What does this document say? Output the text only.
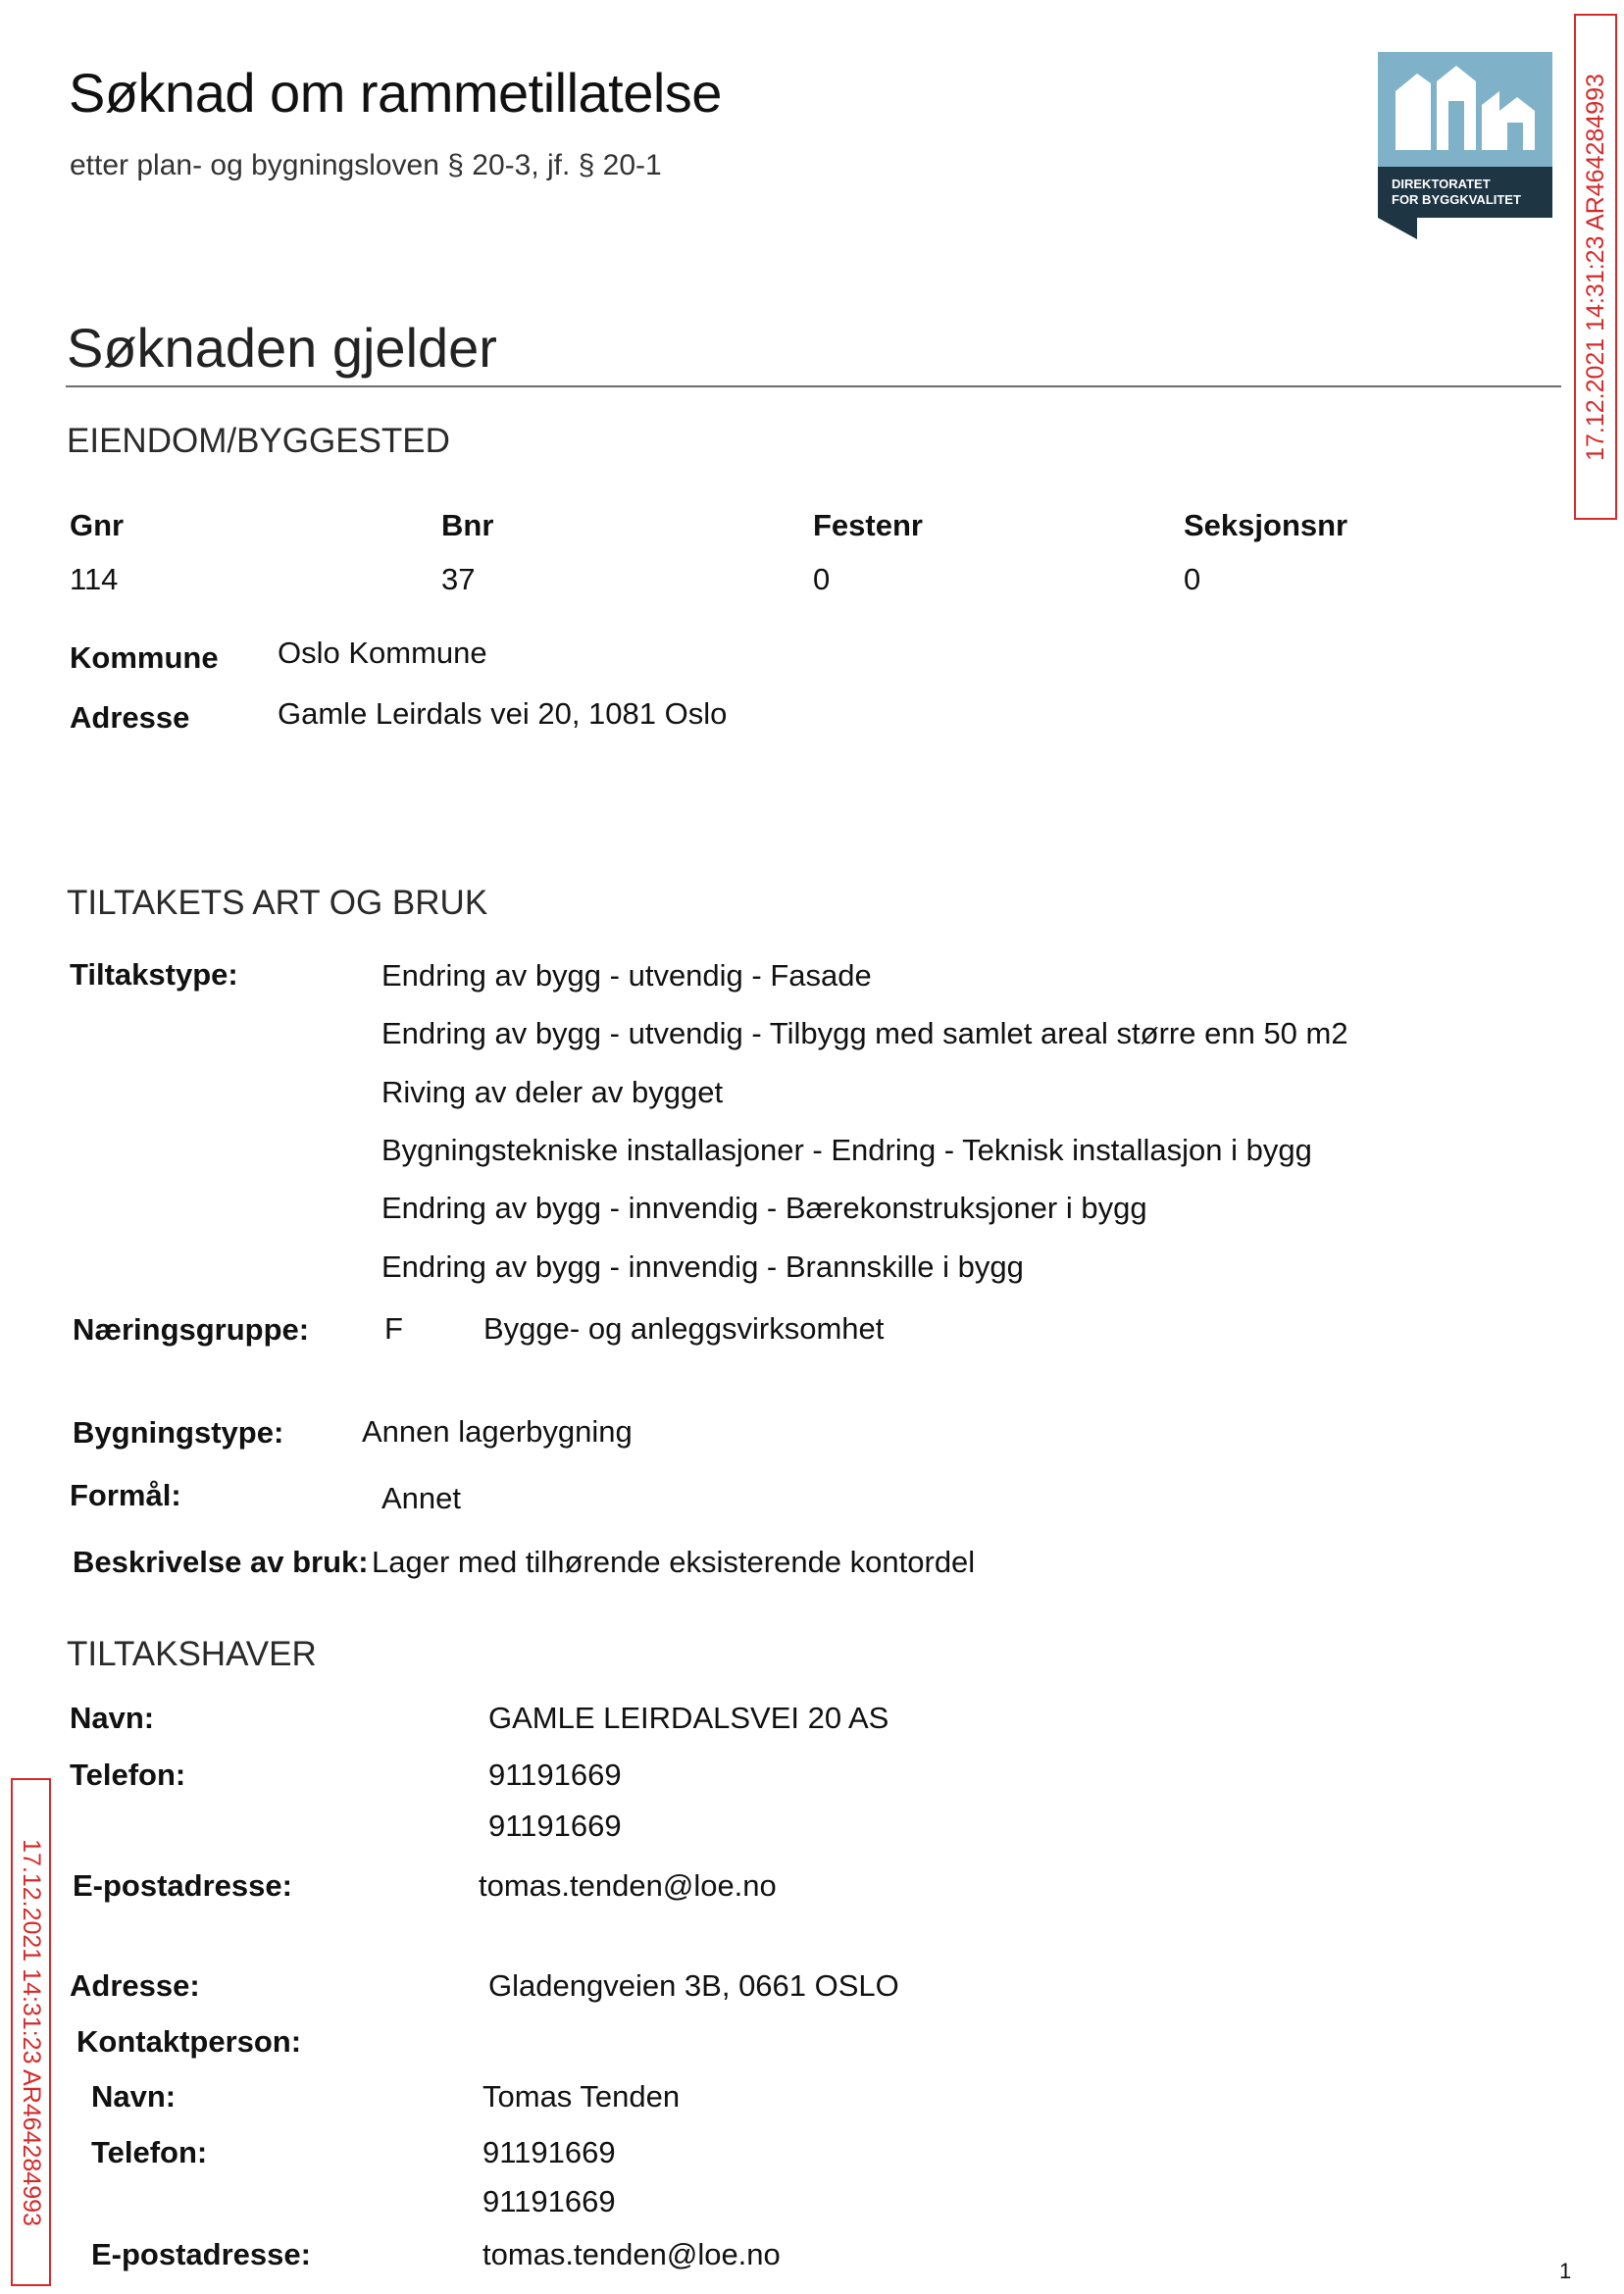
Søknad om rammetillatelse
etter plan- og bygningsloven § 20-3, jf. § 20-1
DIREKTORATET
FOR BYGGKVALITET 17.12.2021 14:31:23 AR464284993
17.12.2021 14:31:23 AR464284993
Søknaden gjelder
EIENDOM/BYGGESTED
Gnr	Bnr	Festenr	Seksjonsnr
114	37	0	0
Kommune Oslo Kommune
Adresse	Gamle Leirdals vei 20, 1081 Oslo
TILTAKETS ART OG BRUK
Tiltakstype:	Endring av bygg - utvendig - Fasade
Endring av bygg - utvendig - Tilbygg med samlet areal større enn 50 m2
Riving av deler av bygget
Bygningstekniske installasjoner - Endring - Teknisk installasjon i bygg
Endring av bygg - innvendig - Bærekonstruksjoner i bygg
Endring av bygg - innvendig - Brannskille i bygg
Næringsgruppe: F	Bygge- og anleggsvirksomhet
Bygningstype:	Annen lagerbygning
Formål:	Annet
Beskrivelse av bruk: Lager med tilhørende eksisterende kontordel
TILTAKSHAVER
Navn:	GAMLE LEIRDALSVEI 20 AS
Telefon:	91191669
91191669
E-postadresse:	tomas.tenden@loe.no
Adresse:	Gladengveien 3B, 0661 OSLO
Kontaktperson:
Navn:	Tomas Tenden
Telefon:	91191669
91191669
E-postadresse:	tomas.tenden@loe.no	1
